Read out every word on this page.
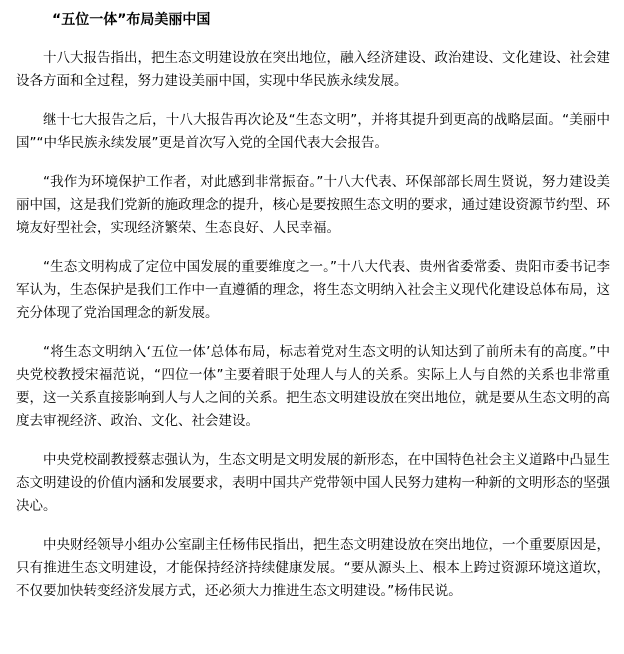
“五位一体”布局美丽中国

十八大报告指出，把生态文明建设放在突出地位，融入经济建设、政治建设、文化建设、社会建设各方面和全过程，努力建设美丽中国，实现中华民族永续发展。

继十七大报告之后，十八大报告再次论及“生态文明”，并将其提升到更高的战略层面。“美丽中国”“中华民族永续发展”更是首次写入党的全国代表大会报告。

“我作为环境保护工作者，对此感到非常振奋。”十八大代表、环保部部长周生贤说，努力建设美丽中国，这是我们党新的施政理念的提升，核心是要按照生态文明的要求，通过建设资源节约型、环境友好型社会，实现经济繁荣、生态良好、人民幸福。

“生态文明构成了定位中国发展的重要维度之一。”十八大代表、贵州省委常委、贵阳市委书记李军认为，生态保护是我们工作中一直遵循的理念，将生态文明纳入社会主义现代化建设总体布局，这充分体现了党治国理念的新发展。

“将生态文明纳入‘五位一体’总体布局，标志着党对生态文明的认知达到了前所未有的高度。”中央党校教授宋福范说，“四位一体”主要着眼于处理人与人的关系。实际上人与自然的关系也非常重要，这一关系直接影响到人与人之间的关系。把生态文明建设放在突出地位，就是要从生态文明的高度去审视经济、政治、文化、社会建设。

中央党校副教授蔡志强认为，生态文明是文明发展的新形态，在中国特色社会主义道路中凸显生态文明建设的价值内涵和发展要求，表明中国共产党带领中国人民努力建构一种新的文明形态的坚强决心。

中央财经领导小组办公室副主任杨伟民指出，把生态文明建设放在突出地位，一个重要原因是，只有推进生态文明建设，才能保持经济持续健康发展。“要从源头上、根本上跨过资源环境这道坎，不仅要加快转变经济发展方式，还必须大力推进生态文明建设。”杨伟民说。
